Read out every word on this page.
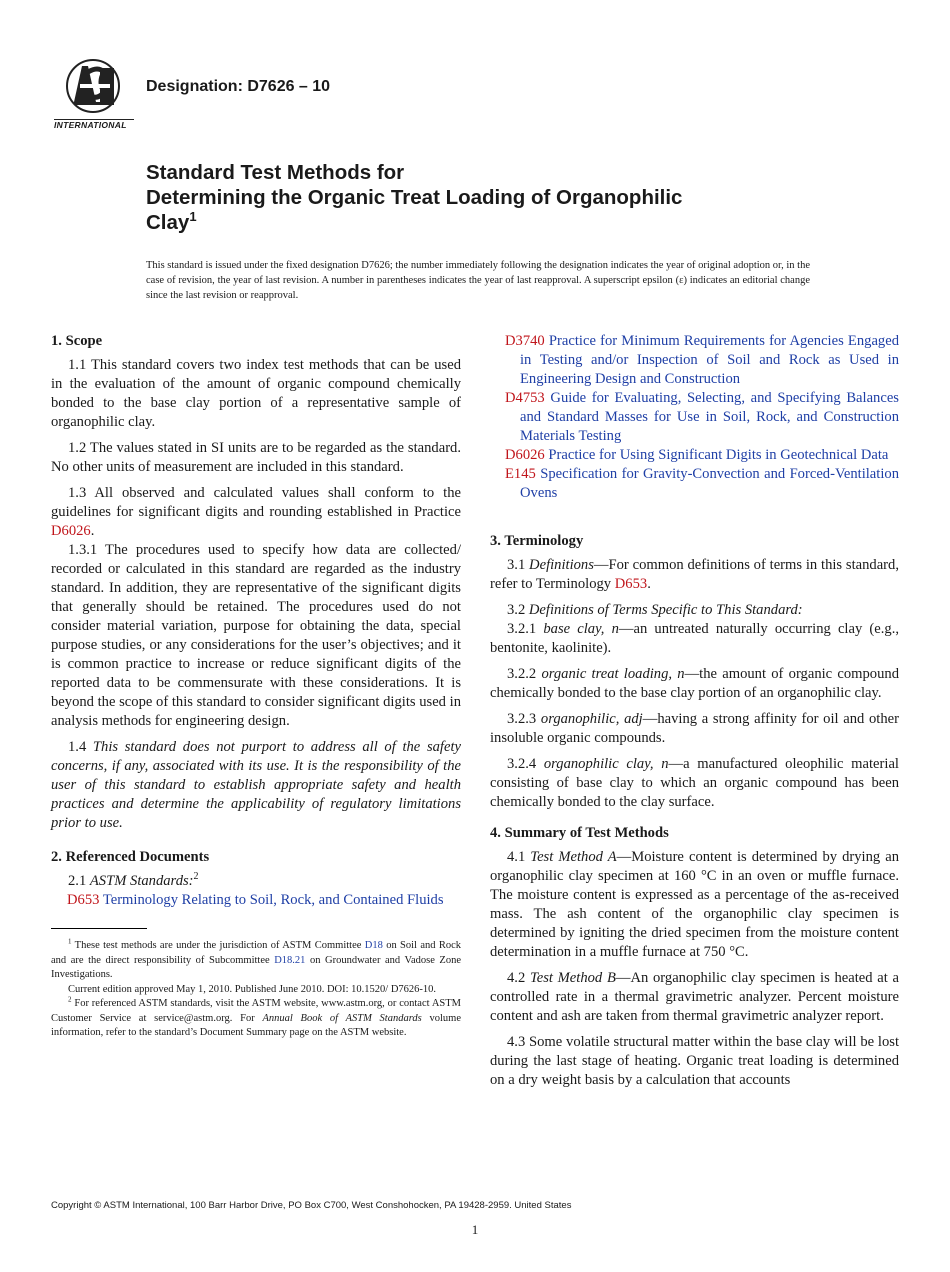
INTERNATIONAL
Designation: D7626 – 10
Standard Test Methods for
Determining the Organic Treat Loading of Organophilic
Clay$^1$
This standard is issued under the fixed designation D7626; the number immediately following the designation indicates the year of original adoption or, in the case of revision, the year of last revision. A number in parentheses indicates the year of last reapproval. A superscript epsilon (ε) indicates an editorial change since the last revision or reapproval.
1. Scope

1.1 This standard covers two index test methods that can be used in the evaluation of the amount of organic compound chemically bonded to the base clay portion of a representative sample of organophilic clay.

1.2 The values stated in SI units are to be regarded as the standard. No other units of measurement are included in this standard.

1.3 All observed and calculated values shall conform to the guidelines for significant digits and rounding established in Practice D6026.

1.3.1 The procedures used to specify how data are collected/ recorded or calculated in this standard are regarded as the industry standard. In addition, they are representative of the significant digits that generally should be retained. The procedures used do not consider material variation, purpose for obtaining the data, special purpose studies, or any considerations for the user’s objectives; and it is common practice to increase or reduce significant digits of the reported data to be commensurate with these considerations. It is beyond the scope of this standard to consider significant digits used in analysis methods for engineering design.

1.4 This standard does not purport to address all of the safety concerns, if any, associated with its use. It is the responsibility of the user of this standard to establish appropriate safety and health practices and determine the applicability of regulatory limitations prior to use.

2. Referenced Documents

2.1 ASTM Standards:$^2$

D653 Terminology Relating to Soil, Rock, and Contained Fluids

$^1$ These test methods are under the jurisdiction of ASTM Committee D18 on Soil and Rock and are the direct responsibility of Subcommittee D18.21 on Groundwater and Vadose Zone Investigations.

Current edition approved May 1, 2010. Published June 2010. DOI: 10.1520/ D7626-10.

$^2$ For referenced ASTM standards, visit the ASTM website, www.astm.org, or contact ASTM Customer Service at service@astm.org. For Annual Book of ASTM Standards volume information, refer to the standard’s Document Summary page on the ASTM website.

D3740 Practice for Minimum Requirements for Agencies Engaged in Testing and/or Inspection of Soil and Rock as Used in Engineering Design and Construction
D4753 Guide for Evaluating, Selecting, and Specifying Balances and Standard Masses for Use in Soil, Rock, and Construction Materials Testing
D6026 Practice for Using Significant Digits in Geotechnical Data
E145 Specification for Gravity-Convection and Forced-Ventilation Ovens
3. Terminology

3.1 Definitions—For common definitions of terms in this standard, refer to Terminology D653.

3.2 Definitions of Terms Specific to This Standard:

3.2.1 base clay, n—an untreated naturally occurring clay (e.g., bentonite, kaolinite).

3.2.2 organic treat loading, n—the amount of organic compound chemically bonded to the base clay portion of an organophilic clay.

3.2.3 organophilic, adj—having a strong affinity for oil and other insoluble organic compounds.

3.2.4 organophilic clay, n—a manufactured oleophilic material consisting of base clay to which an organic compound has been chemically bonded to the clay surface.

4. Summary of Test Methods

4.1 Test Method A—Moisture content is determined by drying an organophilic clay specimen at 160 °C in an oven or muffle furnace. The moisture content is expressed as a percentage of the as-received mass. The ash content of the organophilic clay specimen is determined by igniting the dried specimen from the moisture content determination in a muffle furnace at 750 °C.

4.2 Test Method B—An organophilic clay specimen is heated at a controlled rate in a thermal gravimetric analyzer. Percent moisture content and ash are taken from thermal gravimetric analyzer report.

4.3 Some volatile structural matter within the base clay will be lost during the last stage of heating. Organic treat loading is determined on a dry weight basis by a calculation that accounts

Copyright © ASTM International, 100 Barr Harbor Drive, PO Box C700, West Conshohocken, PA 19428-2959. United States
1
